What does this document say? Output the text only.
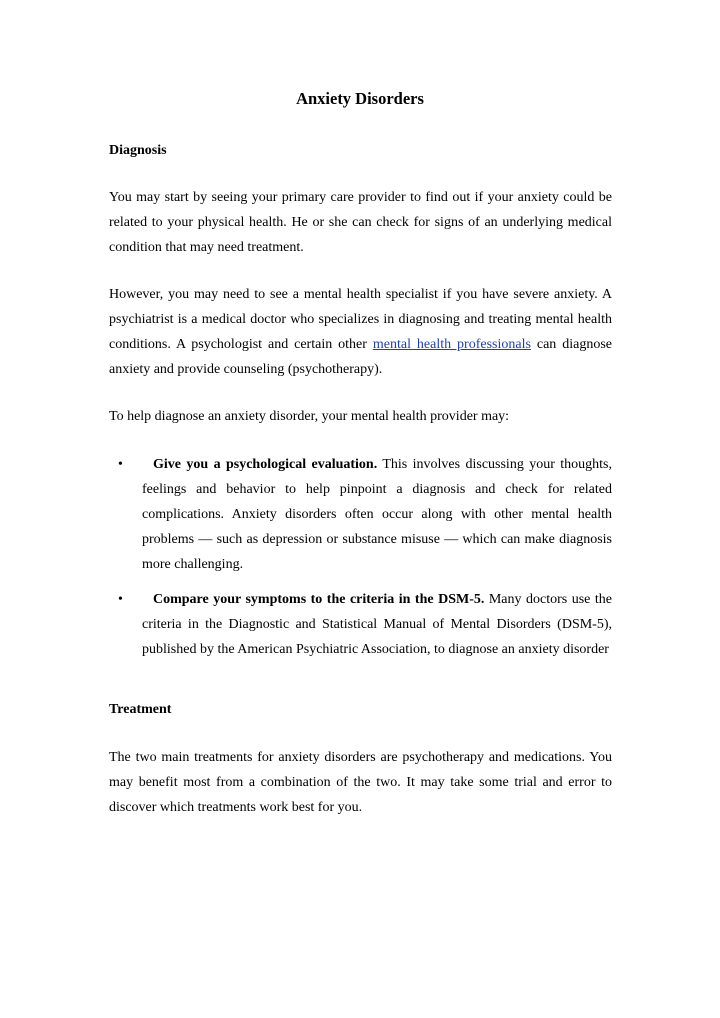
Anxiety Disorders
Diagnosis

You may start by seeing your primary care provider to find out if your anxiety could be related to your physical health. He or she can check for signs of an underlying medical condition that may need treatment.

However, you may need to see a mental health specialist if you have severe anxiety. A psychiatrist is a medical doctor who specializes in diagnosing and treating mental health conditions. A psychologist and certain other mental health professionals can diagnose anxiety and provide counseling (psychotherapy).

To help diagnose an anxiety disorder, your mental health provider may:

•	Give you a psychological evaluation. This involves discussing your thoughts, feelings and behavior to help pinpoint a diagnosis and check for related complications. Anxiety disorders often occur along with other mental health problems — such as depression or substance misuse — which can make diagnosis more challenging.
•	Compare your symptoms to the criteria in the DSM-5. Many doctors use the criteria in the Diagnostic and Statistical Manual of Mental Disorders (DSM-5), published by the American Psychiatric Association, to diagnose an anxiety disorder
Treatment

The two main treatments for anxiety disorders are psychotherapy and medications. You may benefit most from a combination of the two. It may take some trial and error to discover which treatments work best for you.
